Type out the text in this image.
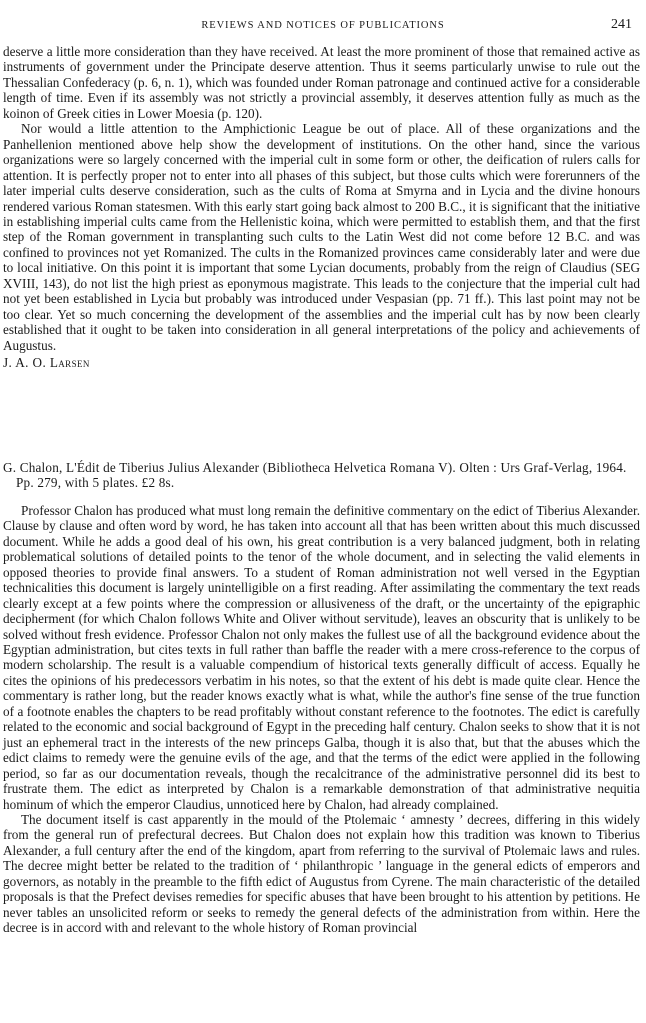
REVIEWS AND NOTICES OF PUBLICATIONS	241

deserve a little more consideration than they have received. At least the more prominent of those that remained active as instruments of government under the Principate deserve attention. Thus it seems particularly unwise to rule out the Thessalian Confederacy (p. 6, n. 1), which was founded under Roman patronage and continued active for a considerable length of time. Even if its assembly was not strictly a provincial assembly, it deserves attention fully as much as the koinon of Greek cities in Lower Moesia (p. 120).

Nor would a little attention to the Amphictionic League be out of place. All of these organizations and the Panhellenion mentioned above help show the development of institutions. On the other hand, since the various organizations were so largely concerned with the imperial cult in some form or other, the deification of rulers calls for attention. It is perfectly proper not to enter into all phases of this subject, but those cults which were forerunners of the later imperial cults deserve consideration, such as the cults of Roma at Smyrna and in Lycia and the divine honours rendered various Roman statesmen. With this early start going back almost to 200 B.C., it is significant that the initiative in establishing imperial cults came from the Hellenistic koina, which were permitted to establish them, and that the first step of the Roman government in transplanting such cults to the Latin West did not come before 12 B.C. and was confined to provinces not yet Romanized. The cults in the Romanized provinces came considerably later and were due to local initiative. On this point it is important that some Lycian documents, probably from the reign of Claudius (SEG XVIII, 143), do not list the high priest as eponymous magistrate. This leads to the conjecture that the imperial cult had not yet been established in Lycia but probably was introduced under Vespasian (pp. 71 ff.). This last point may not be too clear. Yet so much concerning the development of the assemblies and the imperial cult has by now been clearly established that it ought to be taken into consideration in all general interpretations of the policy and achievements of Augustus.

J. A. O. Larsen

G. Chalon, L'Édit de Tiberius Julius Alexander (Bibliotheca Helvetica Romana V). Olten : Urs Graf-Verlag, 1964. Pp. 279, with 5 plates. £2 8s.

Professor Chalon has produced what must long remain the definitive commentary on the edict of Tiberius Alexander. Clause by clause and often word by word, he has taken into account all that has been written about this much discussed document. While he adds a good deal of his own, his great contribution is a very balanced judgment, both in relating problematical solutions of detailed points to the tenor of the whole document, and in selecting the valid elements in opposed theories to provide final answers. To a student of Roman administration not well versed in the Egyptian technicalities this document is largely unintelligible on a first reading. After assimilating the commentary the text reads clearly except at a few points where the compression or allusiveness of the draft, or the uncertainty of the epigraphic decipherment (for which Chalon follows White and Oliver without servitude), leaves an obscurity that is unlikely to be solved without fresh evidence. Professor Chalon not only makes the fullest use of all the background evidence about the Egyptian administration, but cites texts in full rather than baffle the reader with a mere cross-reference to the corpus of modern scholarship. The result is a valuable compendium of historical texts generally difficult of access. Equally he cites the opinions of his predecessors verbatim in his notes, so that the extent of his debt is made quite clear. Hence the commentary is rather long, but the reader knows exactly what is what, while the author's fine sense of the true function of a footnote enables the chapters to be read profitably without constant reference to the footnotes. The edict is carefully related to the economic and social background of Egypt in the preceding half century. Chalon seeks to show that it is not just an ephemeral tract in the interests of the new princeps Galba, though it is also that, but that the abuses which the edict claims to remedy were the genuine evils of the age, and that the terms of the edict were applied in the following period, so far as our documentation reveals, though the recalcitrance of the administrative personnel did its best to frustrate them. The edict as interpreted by Chalon is a remarkable demonstration of that administrative nequitia hominum of which the emperor Claudius, unnoticed here by Chalon, had already complained.

The document itself is cast apparently in the mould of the Ptolemaic ‘ amnesty ’ decrees, differing in this widely from the general run of prefectural decrees. But Chalon does not explain how this tradition was known to Tiberius Alexander, a full century after the end of the kingdom, apart from referring to the survival of Ptolemaic laws and rules. The decree might better be related to the tradition of ‘ philanthropic ’ language in the general edicts of emperors and governors, as notably in the preamble to the fifth edict of Augustus from Cyrene. The main characteristic of the detailed proposals is that the Prefect devises remedies for specific abuses that have been brought to his attention by petitions. He never tables an unsolicited reform or seeks to remedy the general defects of the administration from within. Here the decree is in accord with and relevant to the whole history of Roman provincial
